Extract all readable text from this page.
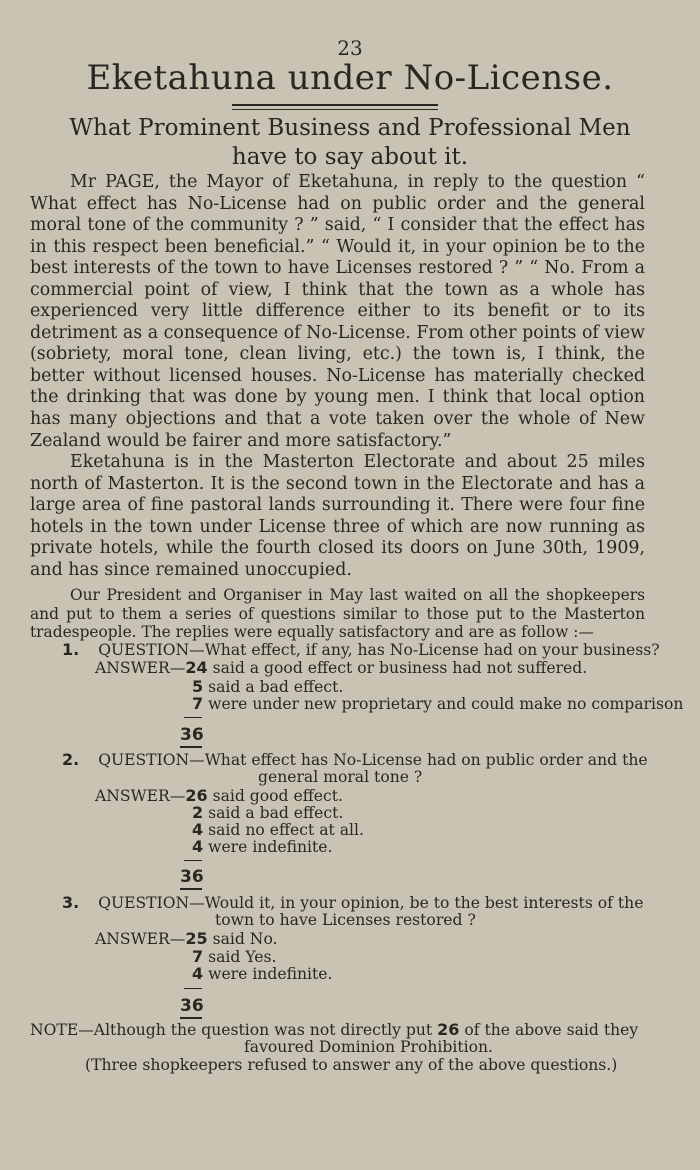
23
Eketahuna under No-License.
What Prominent Business and Professional Men
have to say about it.

Mr PAGE, the Mayor of Eketahuna, in reply to the question “ What effect has No-License had on public order and the general moral tone of the community ? ” said, “ I consider that the effect has in this respect been beneficial.” “ Would it, in your opinion be to the best interests of the town to have Licenses restored ? ” “ No. From a commercial point of view, I think that the town as a whole has experienced very little difference either to its benefit or to its detriment as a consequence of No-License. From other points of view (sobriety, moral tone, clean living, etc.) the town is, I think, the better without licensed houses. No-License has materially checked the drinking that was done by young men. I think that local option has many objections and that a vote taken over the whole of New Zealand would be fairer and more satisfactory.”

Eketahuna is in the Masterton Electorate and about 25 miles north of Masterton. It is the second town in the Electorate and has a large area of fine pastoral lands surrounding it. There were four fine hotels in the town under License three of which are now running as private hotels, while the fourth closed its doors on June 30th, 1909, and has since remained unoccupied.

Our President and Organiser in May last waited on all the shopkeepers and put to them a series of questions similar to those put to the Masterton tradespeople. The replies were equally satisfactory and are as follow :—

1. QUESTION—What effect, if any, has No-License had on your business?
ANSWER—24 said a good effect or business had not suffered.
5 said a bad effect.
7 were under new proprietary and could make no comparison
36
2. QUESTION—What effect has No-License had on public order and the
general moral tone ?
ANSWER—26 said good effect.
2 said a bad effect.
4 said no effect at all.
4 were indefinite.
36
3. QUESTION—Would it, in your opinion, be to the best interests of the
town to have Licenses restored ?
ANSWER—25 said No.
7 said Yes.
4 were indefinite.
36
NOTE—Although the question was not directly put 26 of the above said they
favoured Dominion Prohibition.
(Three shopkeepers refused to answer any of the above questions.)
